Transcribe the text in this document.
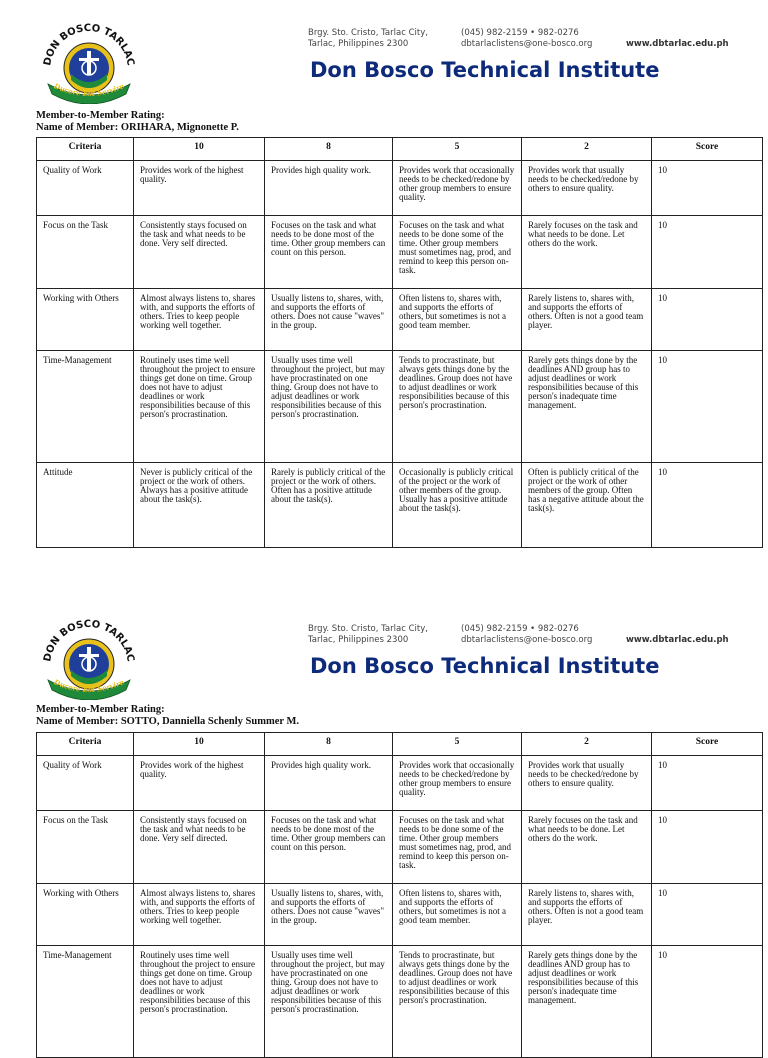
DON BOSCO TARLAC
Ducere Est Servire
Brgy. Sto. Cristo, Tarlac City,
Tarlac, Philippines 2300
(045) 982-2159 • 982-0276
dbtarlaclistens@one-bosco.org	www.dbtarlac.edu.ph
Don Bosco Technical Institute
Member-to-Member Rating:
Name of Member: ORIHARA, Mignonette P.
Criteria	10	8	5	2	Score
Quality of Work	Provides work of the highest quality.	Provides high quality work.	Provides work that occasionally needs to be checked/redone by other group members to ensure quality.	Provides work that usually needs to be checked/redone by others to ensure quality.	10
Focus on the Task	Consistently stays focused on the task and what needs to be done. Very self directed.	Focuses on the task and what needs to be done most of the time. Other group members can count on this person.	Focuses on the task and what needs to be done some of the time. Other group members must sometimes nag, prod, and remind to keep this person on-task.	Rarely focuses on the task and what needs to be done. Let others do the work.	10
Working with Others	Almost always listens to, shares with, and supports the efforts of others. Tries to keep people working well together.	Usually listens to, shares, with, and supports the efforts of others. Does not cause "waves" in the group.	Often listens to, shares with, and supports the efforts of others, but sometimes is not a good team member.	Rarely listens to, shares with, and supports the efforts of others. Often is not a good team player.	10
Time-Management	Routinely uses time well throughout the project to ensure things get done on time. Group does not have to adjust deadlines or work responsibilities because of this person's procrastination.	Usually uses time well throughout the project, but may have procrastinated on one thing. Group does not have to adjust deadlines or work responsibilities because of this person's procrastination.	Tends to procrastinate, but always gets things done by the deadlines. Group does not have to adjust deadlines or work responsibilities because of this person's procrastination.	Rarely gets things done by the deadlines AND group has to adjust deadlines or work responsibilities because of this person's inadequate time management.	10
Attitude	Never is publicly critical of the project or the work of others. Always has a positive attitude about the task(s).	Rarely is publicly critical of the project or the work of others. Often has a positive attitude about the task(s).	Occasionally is publicly critical of the project or the work of other members of the group. Usually has a positive attitude about the task(s).	Often is publicly critical of the project or the work of other members of the group. Often has a negative attitude about the task(s).	10
DON BOSCO TARLAC
Ducere Est Servire
Brgy. Sto. Cristo, Tarlac City,
Tarlac, Philippines 2300
(045) 982-2159 • 982-0276
dbtarlaclistens@one-bosco.org	www.dbtarlac.edu.ph
Don Bosco Technical Institute
Member-to-Member Rating:
Name of Member: SOTTO, Danniella Schenly Summer M.
Criteria	10	8	5	2	Score
Quality of Work	Provides work of the highest quality.	Provides high quality work.	Provides work that occasionally needs to be checked/redone by other group members to ensure quality.	Provides work that usually needs to be checked/redone by others to ensure quality.	10
Focus on the Task	Consistently stays focused on the task and what needs to be done. Very self directed.	Focuses on the task and what needs to be done most of the time. Other group members can count on this person.	Focuses on the task and what needs to be done some of the time. Other group members must sometimes nag, prod, and remind to keep this person on-task.	Rarely focuses on the task and what needs to be done. Let others do the work.	10
Working with Others	Almost always listens to, shares with, and supports the efforts of others. Tries to keep people working well together.	Usually listens to, shares, with, and supports the efforts of others. Does not cause "waves" in the group.	Often listens to, shares with, and supports the efforts of others, but sometimes is not a good team member.	Rarely listens to, shares with, and supports the efforts of others. Often is not a good team player.	10
Time-Management	Routinely uses time well throughout the project to ensure things get done on time. Group does not have to adjust deadlines or work responsibilities because of this person's procrastination.	Usually uses time well throughout the project, but may have procrastinated on one thing. Group does not have to adjust deadlines or work responsibilities because of this person's procrastination.	Tends to procrastinate, but always gets things done by the deadlines. Group does not have to adjust deadlines or work responsibilities because of this person's procrastination.	Rarely gets things done by the deadlines AND group has to adjust deadlines or work responsibilities because of this person's inadequate time management.	10
